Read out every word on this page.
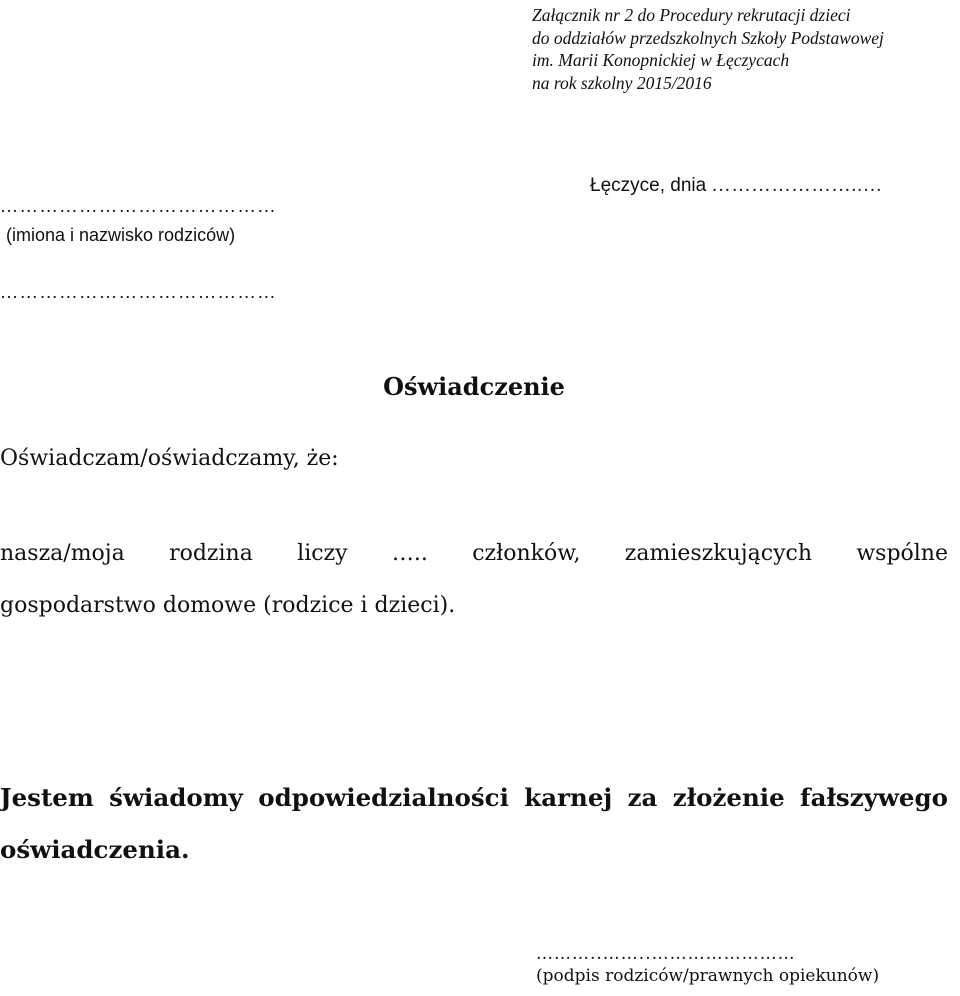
Załącznik nr 2 do Procedury rekrutacji dzieci
do oddziałów przedszkolnych Szkoły Podstawowej
im. Marii Konopnickiej w Łęczycach
na rok szkolny 2015/2016
Łęczyce, dnia …………………..…
……………………………………
(imiona i nazwisko rodziców)
……………………………………
Oświadczenie
Oświadczam/oświadczamy, że:
nasza/moja rodzina liczy ….. członków, zamieszkujących wspólne
gospodarstwo domowe (rodzice i dzieci).
Jestem świadomy odpowiedzialności karnej za złożenie fałszywego
oświadczenia.
………..……..……………………
(podpis rodziców/prawnych opiekunów)
